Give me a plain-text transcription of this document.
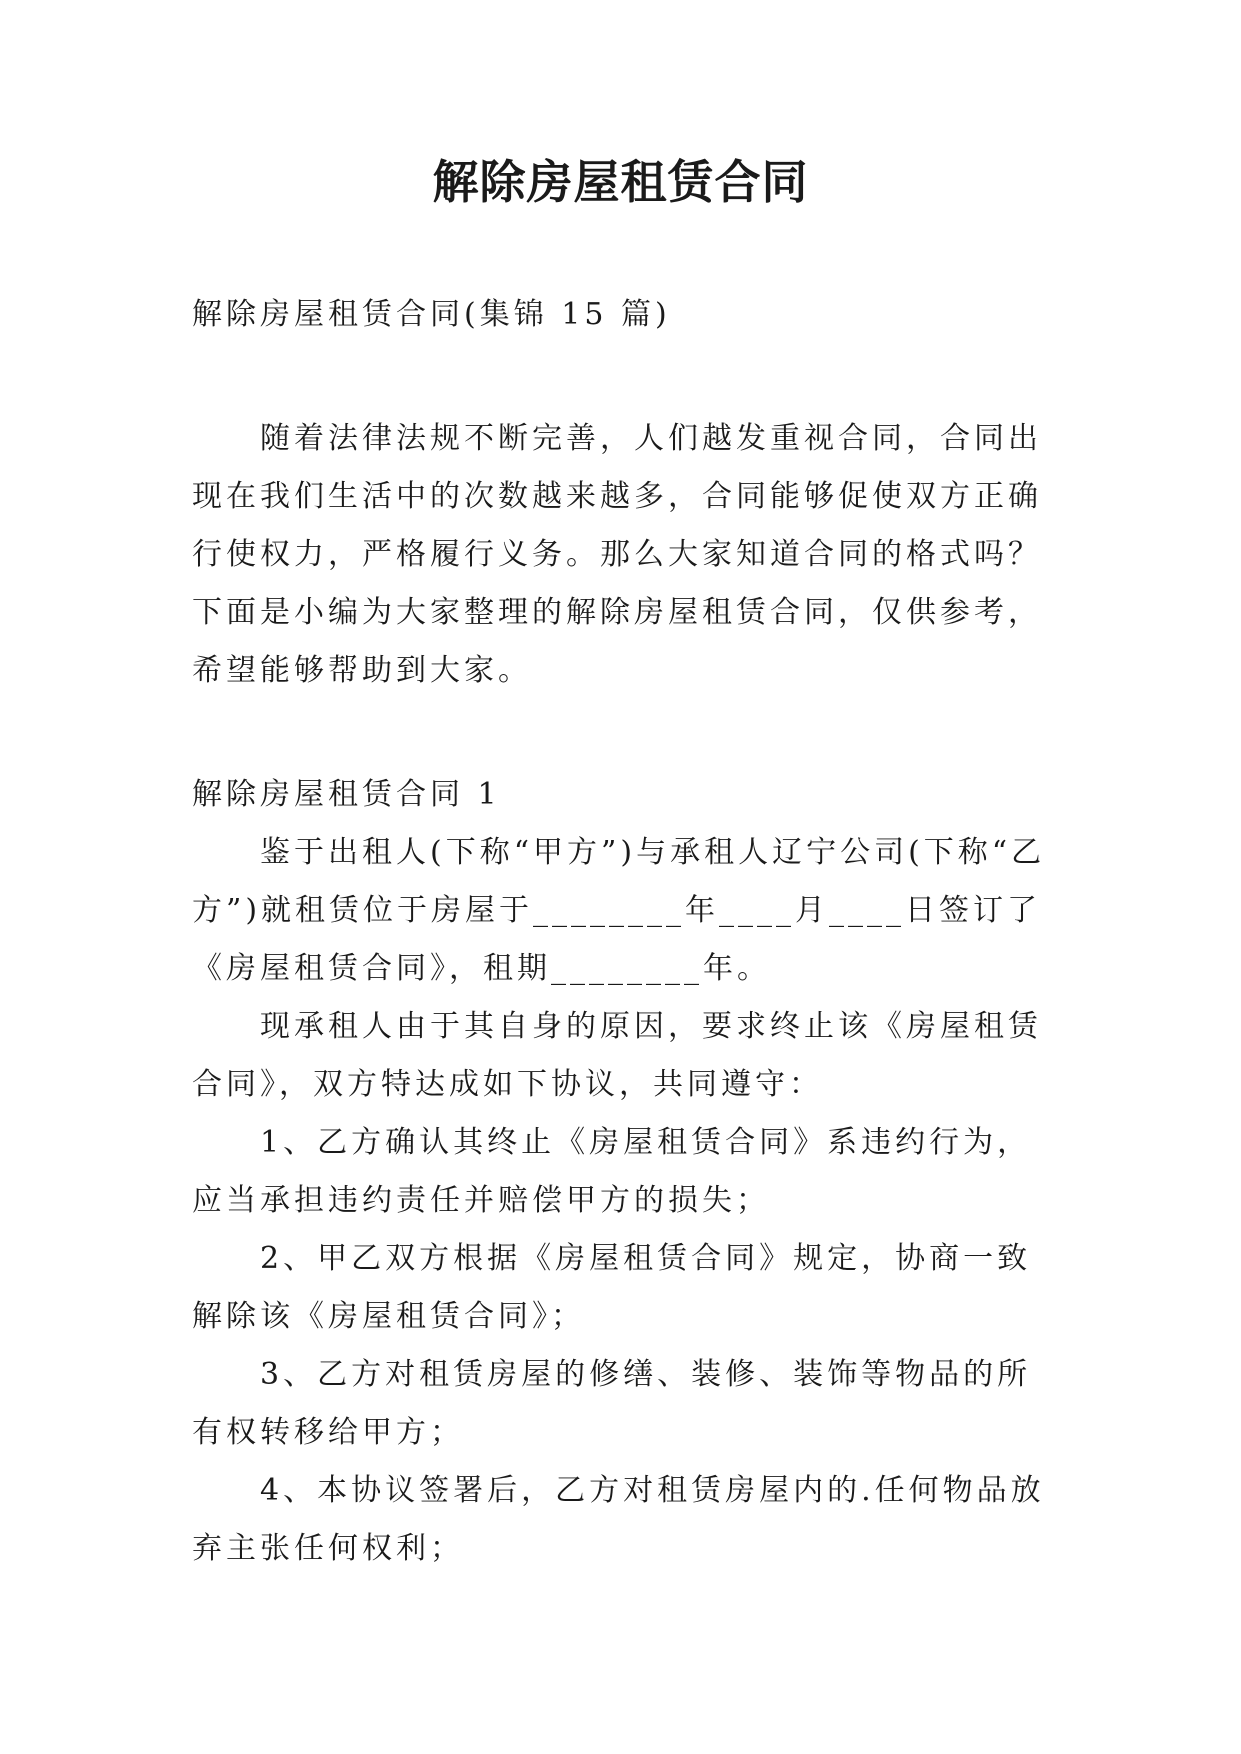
解除房屋租赁合同

解除房屋租赁合同(集锦 15 篇)

随着法律法规不断完善，人们越发重视合同，合同出现在我们生活中的次数越来越多，合同能够促使双方正确行使权力，严格履行义务。那么大家知道合同的格式吗？下面是小编为大家整理的解除房屋租赁合同，仅供参考，希望能够帮助到大家。

解除房屋租赁合同 1

鉴于出租人(下称“甲方”)与承租人辽宁公司(下称“乙方”)就租赁位于房屋于________年____月____日签订了《房屋租赁合同》，租期________年。

现承租人由于其自身的原因，要求终止该《房屋租赁合同》，双方特达成如下协议，共同遵守：

1、乙方确认其终止《房屋租赁合同》系违约行为，应当承担违约责任并赔偿甲方的损失；

2、甲乙双方根据《房屋租赁合同》规定，协商一致解除该《房屋租赁合同》；

3、乙方对租赁房屋的修缮、装修、装饰等物品的所有权转移给甲方；

4、本协议签署后，乙方对租赁房屋内的.任何物品放弃主张任何权利；
